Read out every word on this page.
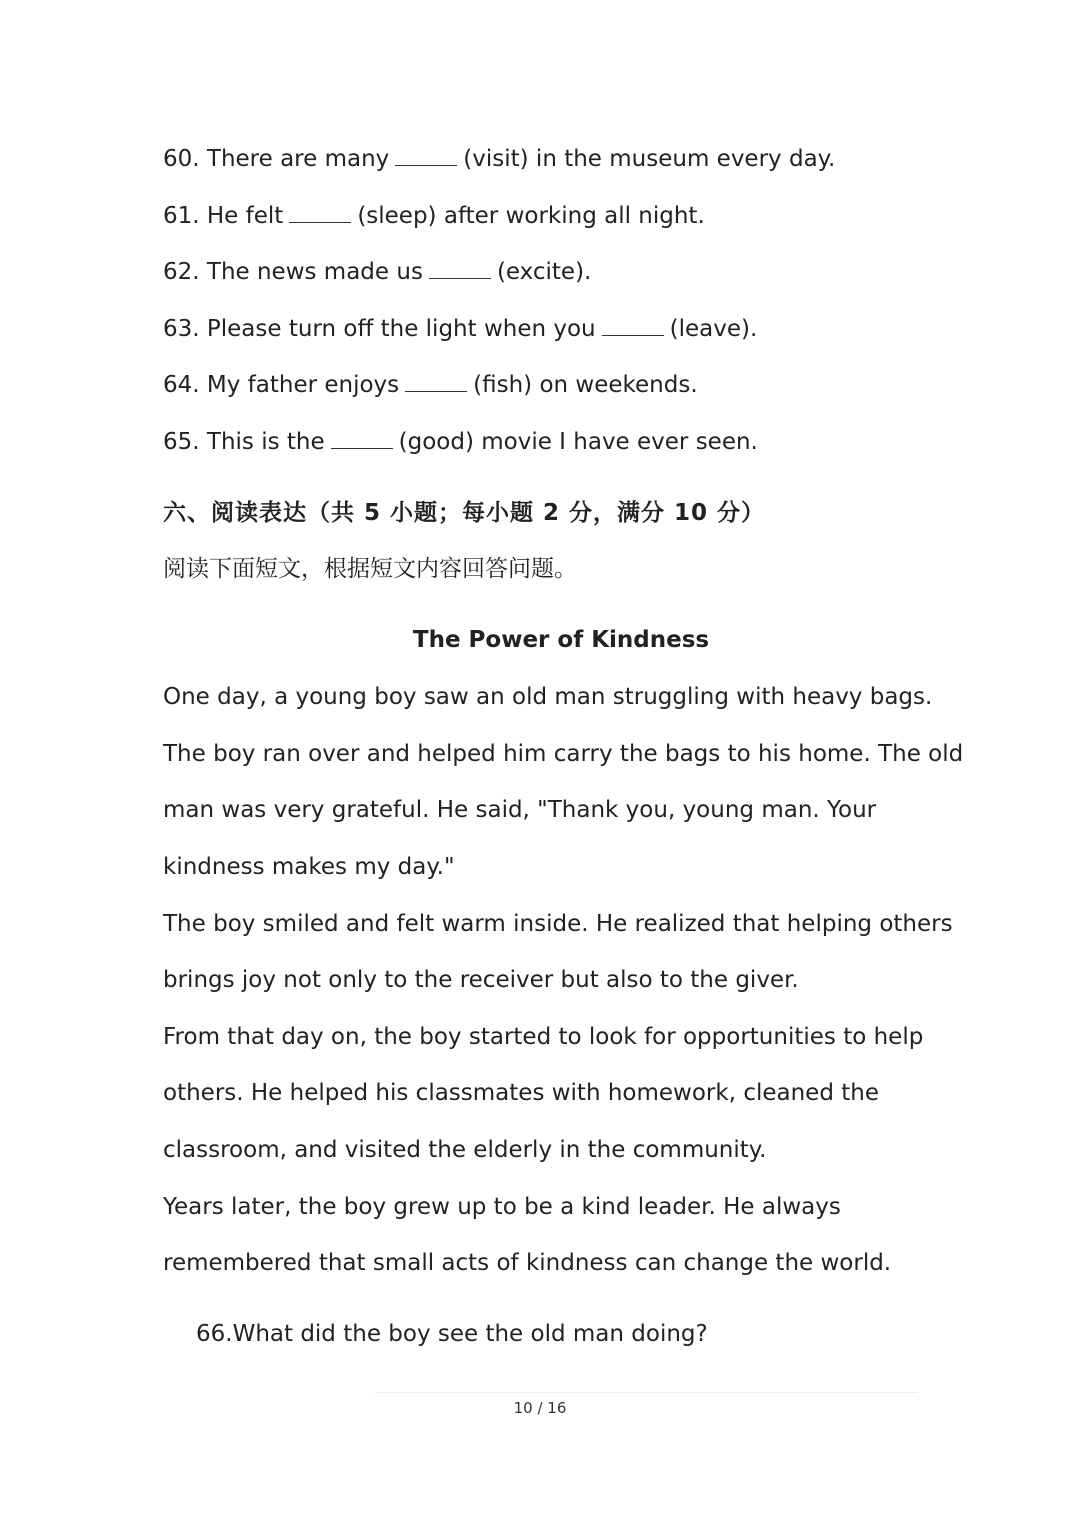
60. There are many	(visit) in the museum every day.
61. He felt	(sleep) after working all night.
62. The news made us	(excite).
63. Please turn off the light when you	(leave).
64. My father enjoys	(fish) on weekends.
65. This is the	(good) movie I have ever seen.
六、阅读表达（共 5 小题；每小题 2 分，满分 10 分）
阅读下面短文，根据短文内容回答问题。
The Power of Kindness
One day, a young boy saw an old man struggling with heavy bags.
The boy ran over and helped him carry the bags to his home. The old
man was very grateful. He said, "Thank you, young man. Your
kindness makes my day."
The boy smiled and felt warm inside. He realized that helping others
brings joy not only to the receiver but also to the giver.
From that day on, the boy started to look for opportunities to help
others. He helped his classmates with homework, cleaned the
classroom, and visited the elderly in the community.
Years later, the boy grew up to be a kind leader. He always
remembered that small acts of kindness can change the world.
66.What did the boy see the old man doing?
10 / 16
